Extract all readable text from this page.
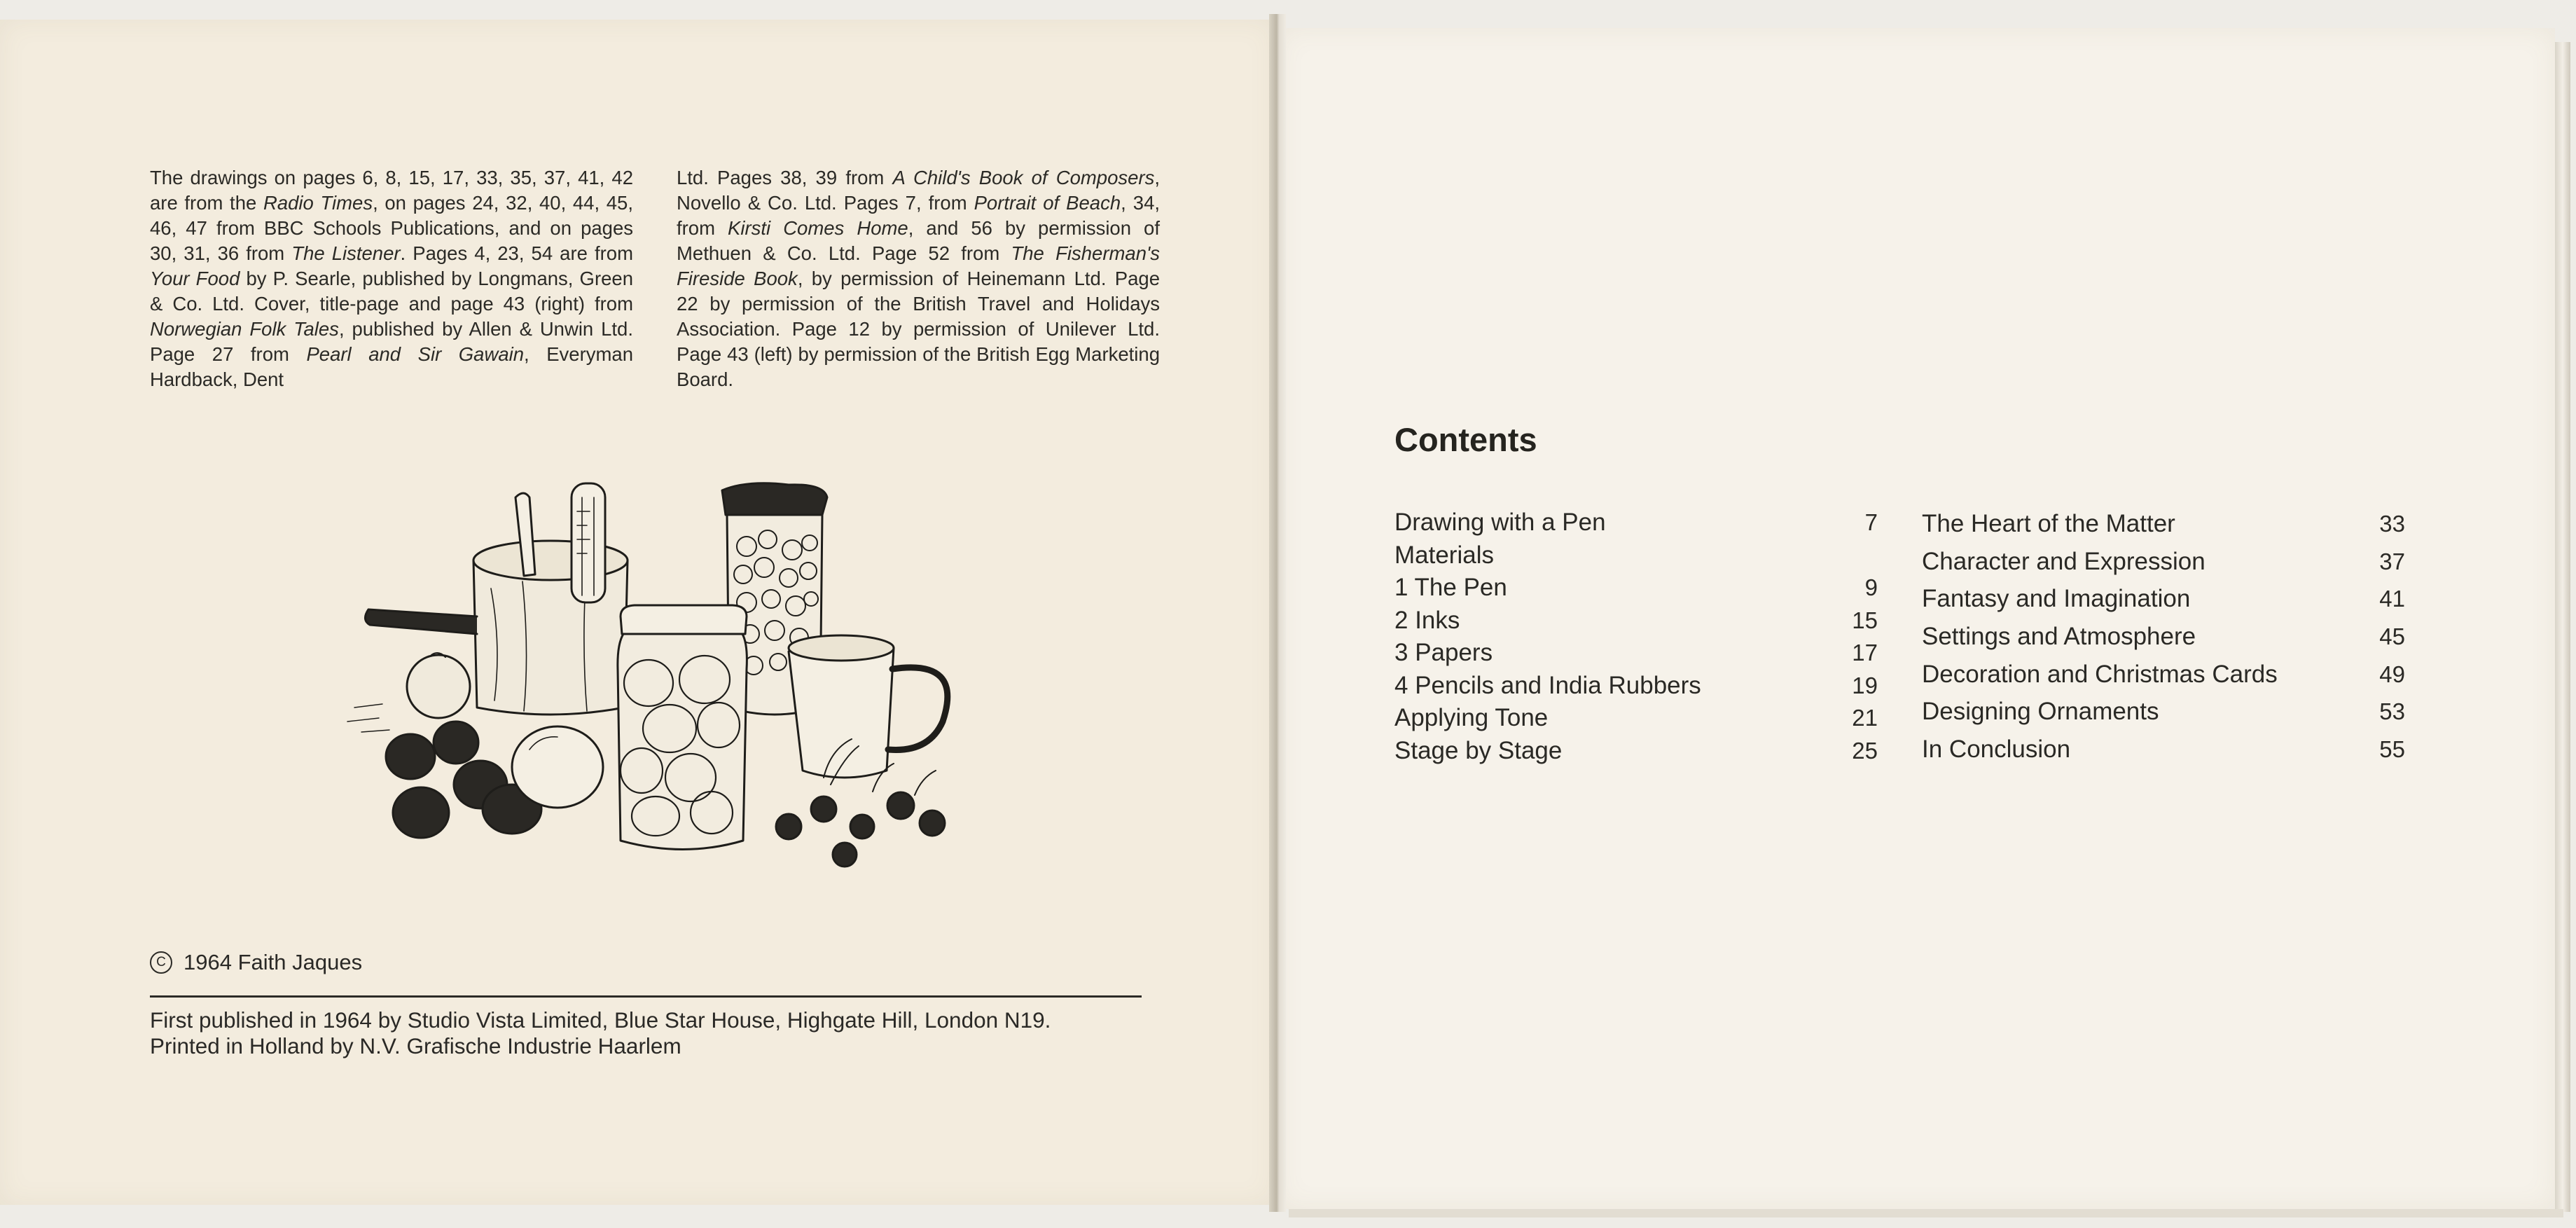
The drawings on pages 6, 8, 15, 17, 33, 35, 37, 41, 42 are from the Radio Times, on pages 24, 32, 40, 44, 45, 46, 47 from BBC Schools Publications, and on pages 30, 31, 36 from The Listener. Pages 4, 23, 54 are from Your Food by P. Searle, published by Longmans, Green & Co. Ltd. Cover, title-page and page 43 (right) from Norwegian Folk Tales, published by Allen & Unwin Ltd. Page 27 from Pearl and Sir Gawain, Everyman Hardback, Dent

Ltd. Pages 38, 39 from A Child's Book of Composers, Novello & Co. Ltd. Pages 7, from Portrait of Beach, 34, from Kirsti Comes Home, and 56 by permission of Methuen & Co. Ltd. Page 52 from The Fisherman's Fireside Book, by permission of Heinemann Ltd. Page 22 by permission of the British Travel and Holidays Association. Page 12 by permission of Unilever Ltd. Page 43 (left) by permission of the British Egg Marketing Board.

C 1964 Faith Jaques

First published in 1964 by Studio Vista Limited, Blue Star House, Highgate Hill, London N19.

Printed in Holland by N.V. Grafische Industrie Haarlem

Contents
Drawing with a Pen	7
Materials
1 The Pen	9
2 Inks	15
3 Papers	17
4 Pencils and India Rubbers	19
Applying Tone	21
Stage by Stage	25
The Heart of the Matter	33
Character and Expression	37
Fantasy and Imagination	41
Settings and Atmosphere	45
Decoration and Christmas Cards	49
Designing Ornaments	53
In Conclusion	55
